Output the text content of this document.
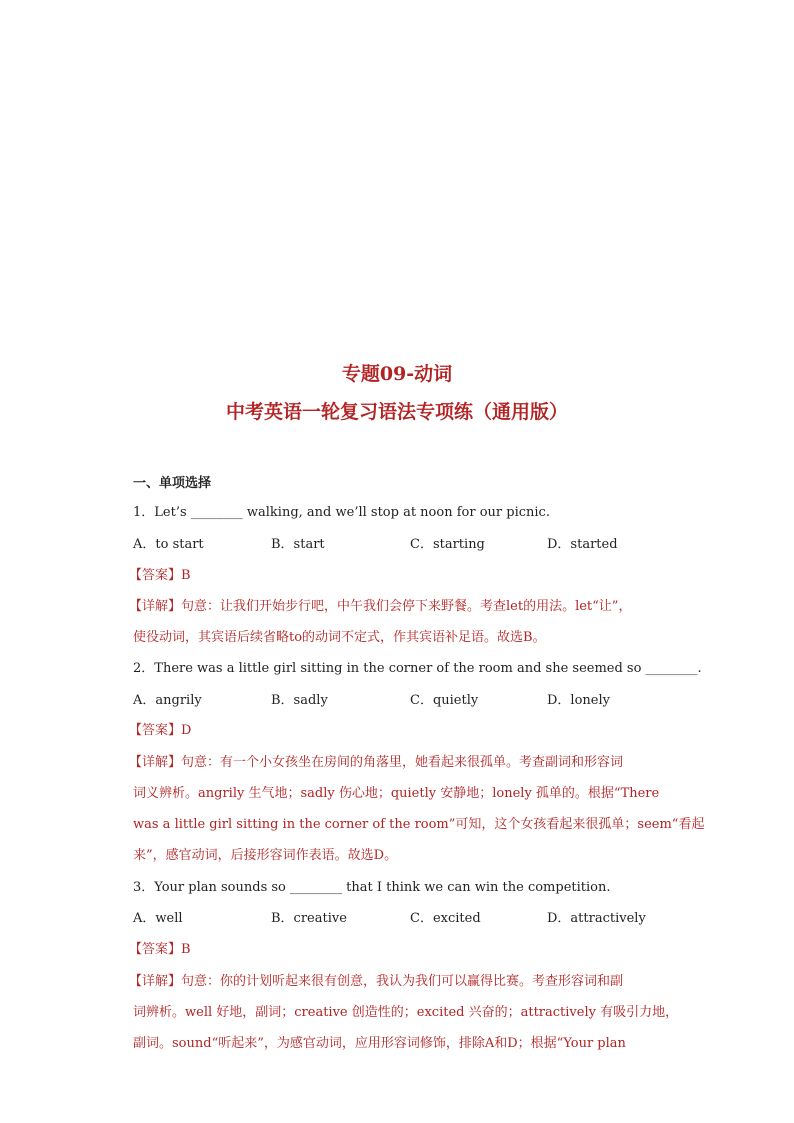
专题09-动词
中考英语一轮复习语法专项练（通用版）
一、单项选择
1．Let’s ________ walking, and we’ll stop at noon for our picnic.
A．to start	B．start	C．starting	D．started
【答案】B
【详解】句意：让我们开始步行吧，中午我们会停下来野餐。考查let的用法。let“让”，
使役动词，其宾语后续省略to的动词不定式，作其宾语补足语。故选B。
2．There was a little girl sitting in the corner of the room and she seemed so ________.
A．angrily	B．sadly	C．quietly	D．lonely
【答案】D
【详解】句意：有一个小女孩坐在房间的角落里，她看起来很孤单。考查副词和形容词
词义辨析。angrily 生气地；sadly 伤心地；quietly 安静地；lonely 孤单的。根据“There
was a little girl sitting in the corner of the room”可知，这个女孩看起来很孤单；seem“看起
来”，感官动词，后接形容词作表语。故选D。
3．Your plan sounds so ________ that I think we can win the competition.
A．well	B．creative	C．excited	D．attractively
【答案】B
【详解】句意：你的计划听起来很有创意，我认为我们可以赢得比赛。考查形容词和副
词辨析。well 好地，副词；creative 创造性的；excited 兴奋的；attractively 有吸引力地，
副词。sound“听起来”，为感官动词，应用形容词修饰，排除A和D；根据“Your plan
